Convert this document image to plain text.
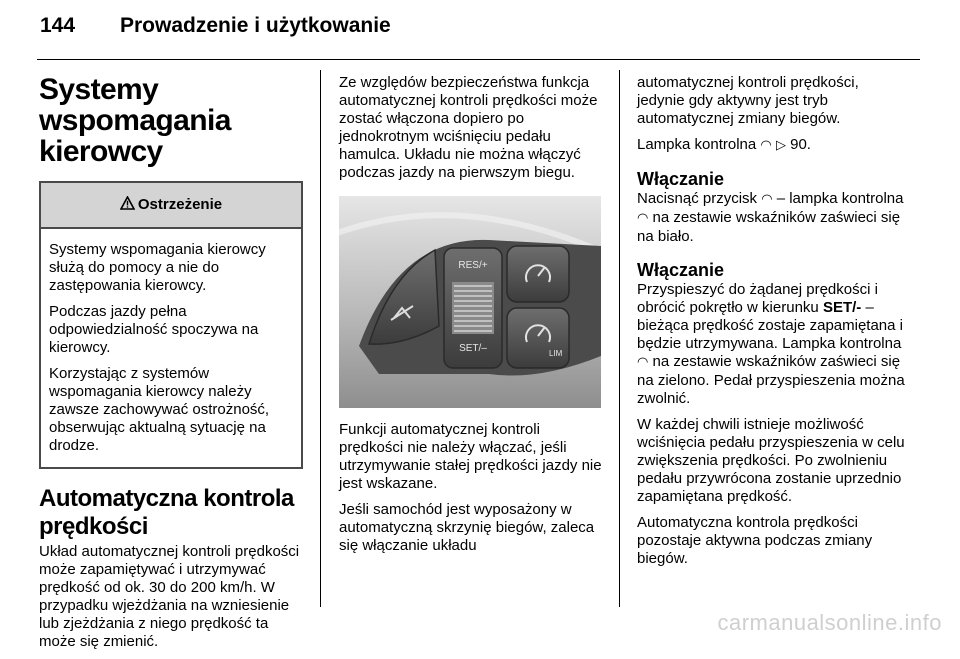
144 Prowadzenie i użytkowanie
Systemy wspomagania kierowcy
Ostrzeżenie

Systemy wspomagania kierowcy służą do pomocy a nie do zastępowania kierowcy.

Podczas jazdy pełna odpowiedzialność spoczywa na kierowcy.

Korzystając z systemów wspomagania kierowcy należy zawsze zachowywać ostrożność, obserwując aktualną sytuację na drodze.

Automatyczna kontrola prędkości

Układ automatycznej kontroli prędkości może zapamiętywać i utrzymywać prędkość od ok. 30 do 200 km/h. W przypadku wjeżdżania na wzniesienie lub zjeżdżania z niego prędkość ta może się zmienić.

Ze względów bezpieczeństwa funkcja automatycznej kontroli prędkości może zostać włączona dopiero po jednokrotnym wciśnięciu pedału hamulca. Układu nie można włączyć podczas jazdy na pierwszym biegu.

RES/+
SET/–	LIM

Funkcji automatycznej kontroli prędkości nie należy włączać, jeśli utrzymywanie stałej prędkości jazdy nie jest wskazane.

Jeśli samochód jest wyposażony w automatyczną skrzynię biegów, zaleca się włączanie układu

automatycznej kontroli prędkości, jedynie gdy aktywny jest tryb automatycznej zmiany biegów.

Lampka kontrolna ◠ ▷ 90.

Włączanie

Nacisnąć przycisk ◠ – lampka kontrolna ◠ na zestawie wskaźników zaświeci się na biało.

Włączanie

Przyspieszyć do żądanej prędkości i obrócić pokrętło w kierunku SET/- – bieżąca prędkość zostaje zapamiętana i będzie utrzymywana. Lampka kontrolna ◠ na zestawie wskaźników zaświeci się na zielono. Pedał przyspieszenia można zwolnić.

W każdej chwili istnieje możliwość wciśnięcia pedału przyspieszenia w celu zwiększenia prędkości. Po zwolnieniu pedału przywrócona zostanie uprzednio zapamiętana prędkość.

Automatyczna kontrola prędkości pozostaje aktywna podczas zmiany biegów.

carmanualsonline.info
